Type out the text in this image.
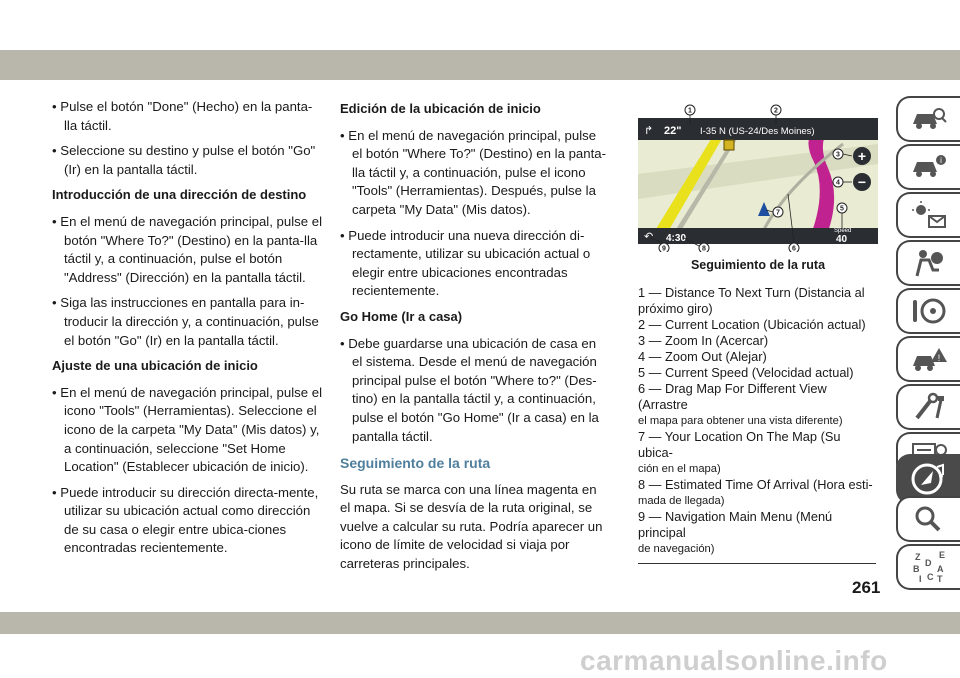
• Pulse el botón "Done" (Hecho) en la panta-lla táctil.

• Seleccione su destino y pulse el botón "Go" (Ir) en la pantalla táctil.

Introducción de una dirección de destino

• En el menú de navegación principal, pulse el botón "Where To?" (Destino) en la panta-lla táctil y, a continuación, pulse el botón "Address" (Dirección) en la pantalla táctil.

• Siga las instrucciones en pantalla para in-troducir la dirección y, a continuación, pulse el botón "Go" (Ir) en la pantalla táctil.

Ajuste de una ubicación de inicio

• En el menú de navegación principal, pulse el icono "Tools" (Herramientas). Seleccione el icono de la carpeta "My Data" (Mis datos) y, a continuación, seleccione "Set Home Location" (Establecer ubicación de inicio).

• Puede introducir su dirección directa-mente, utilizar su ubicación actual como dirección de su casa o elegir entre ubica-ciones encontradas recientemente.

Edición de la ubicación de inicio

• En el menú de navegación principal, pulse el botón "Where To?" (Destino) en la panta-lla táctil y, a continuación, pulse el icono "Tools" (Herramientas). Después, pulse la carpeta "My Data" (Mis datos).

• Puede introducir una nueva dirección di-rectamente, utilizar su ubicación actual o elegir entre ubicaciones encontradas recientemente.

Go Home (Ir a casa)

• Debe guardarse una ubicación de casa en el sistema. Desde el menú de navegación principal pulse el botón "Where to?" (Des-tino) en la pantalla táctil y, a continuación, pulse el botón "Go Home" (Ir a casa) en la pantalla táctil.

Seguimiento de la ruta

Su ruta se marca con una línea magenta en el mapa. Si se desvía de la ruta original, se vuelve a calcular su ruta. Podría aparecer un icono de límite de velocidad si viaja por carreteras principales.

↱ 22" I-35 N (US-24/Des Moines)
+
−
↶ 4:30
Speed
40
1	2
3
4
5
6
7
8
9
Seguimiento de la ruta

1 — Distance To Next Turn (Distancia al próximo giro)

2 — Current Location (Ubicación actual)

3 — Zoom In (Acercar)

4 — Zoom Out (Alejar)

5 — Current Speed (Velocidad actual)

6 — Drag Map For Different View (Arrastre

el mapa para obtener una vista diferente)

7 — Your Location On The Map (Su ubica-

ción en el mapa)

8 — Estimated Time Of Arrival (Hora esti-

mada de llegada)

9 — Navigation Main Menu (Menú principal

de navegación)

i
!
Z E
B A
D
I C T
261
carmanualsonline.info
